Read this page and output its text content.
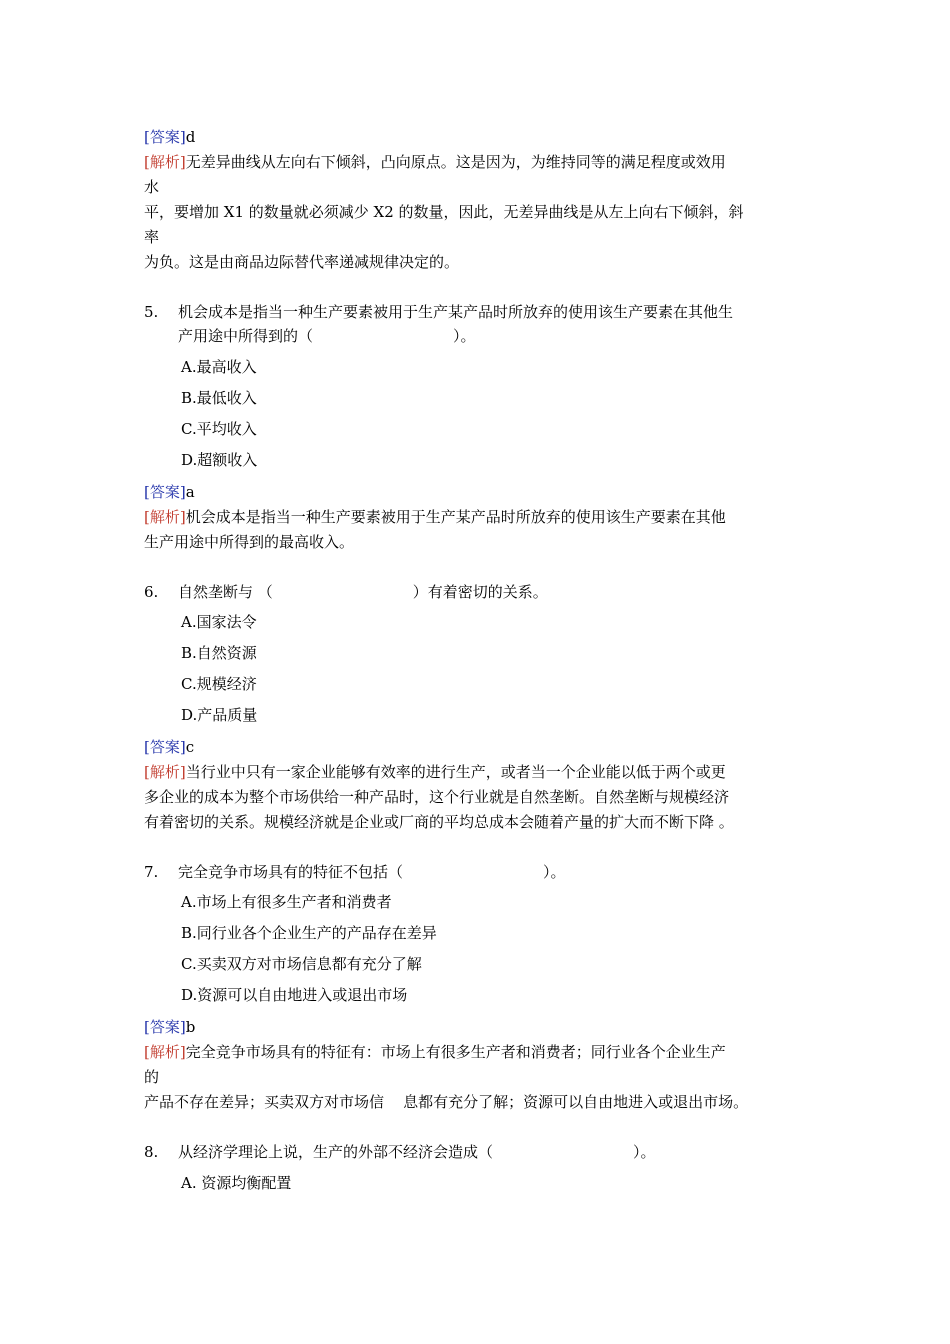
[答案]d
[解析]无差异曲线从左向右下倾斜，凸向原点。这是因为，为维持同等的满足程度或效用
水
平，要增加 X1 的数量就必须减少 X2 的数量，因此，无差异曲线是从左上向右下倾斜，斜
率
为负。这是由商品边际替代率递减规律决定的。
5. 机会成本是指当一种生产要素被用于生产某产品时所放弃的使用该生产要素在其他生
产用途中所得到的（	）。
A.最高收入
B.最低收入
C.平均收入
D.超额收入
[答案]a
[解析]机会成本是指当一种生产要素被用于生产某产品时所放弃的使用该生产要素在其他
生产用途中所得到的最高收入。
6. 自然垄断与 （	）有着密切的关系。
A.国家法令
B.自然资源
C.规模经济
D.产品质量
[答案]c
[解析]当行业中只有一家企业能够有效率的进行生产，或者当一个企业能以低于两个或更
多企业的成本为整个市场供给一种产品时，这个行业就是自然垄断。自然垄断与规模经济
有着密切的关系。规模经济就是企业或厂商的平均总成本会随着产量的扩大而不断下降 。
7. 完全竞争市场具有的特征不包括（	）。
A.市场上有很多生产者和消费者
B.同行业各个企业生产的产品存在差异
C.买卖双方对市场信息都有充分了解
D.资源可以自由地进入或退出市场
[答案]b
[解析]完全竞争市场具有的特征有：市场上有很多生产者和消费者；同行业各个企业生产
的
产品不存在差异；买卖双方对市场信    息都有充分了解；资源可以自由地进入或退出市场。
8. 从经济学理论上说，生产的外部不经济会造成（	）。
A. 资源均衡配置
